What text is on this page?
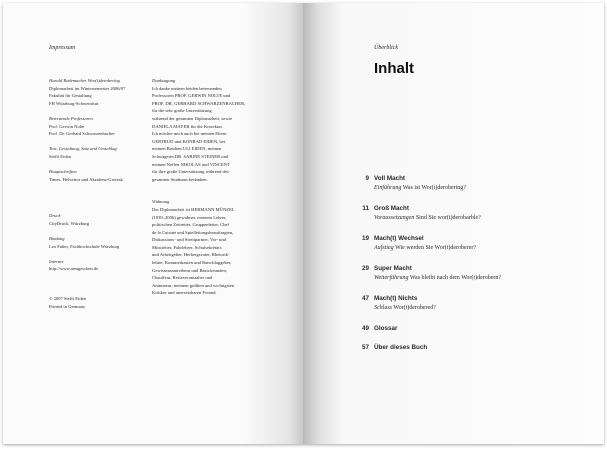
Impressum
Harald Rademacher Wor(t)derobering
Diplomarbeit im Wintersemester 2006/07
Fakultät für Gestaltung
FH Würzburg-Schweinfurt
Betreuende Professoren
Prof. Gerwin Nolte
Prof. Dr. Gerhard Schwarzenbacher
Text, Gestaltung, Satz und Umschlag
Steffi Eiden
Hauptschriften
Times, Helvetica und Akzidenz-Grotesk
Druck
CityDruck, Würzburg
Bindung
Leo Falter, Fachhochschule Würzburg
Internet
http://www.armgeschen.de
© 2007 Steffi Eiden
Printed in Germany
Danksagung
Ich danke meinen beiden betreuenden
Professoren PROF. GERWIN NOLTE und
PROF. DR. GERHARD SCHWARZENBACHER,
für die sehr große Unterstützung
während der gesamten Diplomarbeit, sowie
DANIELA MAYER für die Korrektur.
Ich möchte mich auch bei meinen Eltern
GERTRUD und KONRAD EIDEN, bei
meinen Brüdern ULI EIDEN, meinen
Schwägerin DR. SABINE STEINER und
meinen Neffen NIKOLAS und VINCENT
für ihre große Unterstützung während des
gesamten Studiums bedanken.
Widmung
Der Diplomarbeit ist HERMANN MÜNZEL
(1939–2006) gewidmet, meinem Lehrer,
politischen Zeitreiter, Gruppenleiter, Chef
de la Cuisine und Spielleitungsbeauftragten,
Diskussions- und Streitpartner, Vor- und
Mitstreiter, Fahrlehrer, Schulsekretärs
und Arbeitgeber, Herbergsvater, Rhetorik-
lehrer, Kummerkasten und Ratschlaggeber,
Gewissensantreibern und Basisfreunden,
Chauffeur, Reiseveranstalter und
Animateur, meinem größten und wichtigsten
Kritiker und unersetzbaren Freund.
Überblick
Inhalt
9 Voll Macht
Einführung Was ist Wor(t)derobering?
11 Groß Macht
Voraussetzungen Sind Sie wor(t)derobarble?
19 Mach(t) Wechsel
Aufstieg Wie werden Sie Wor(t)deroberer?
29 Super Macht
Weiterführung Was bleibt nach dem Wor(t)derobern?
47 Mach(t) Nichts
Schluss Wor(t)derobered?
49 Glossar
57 Über dieses Buch
